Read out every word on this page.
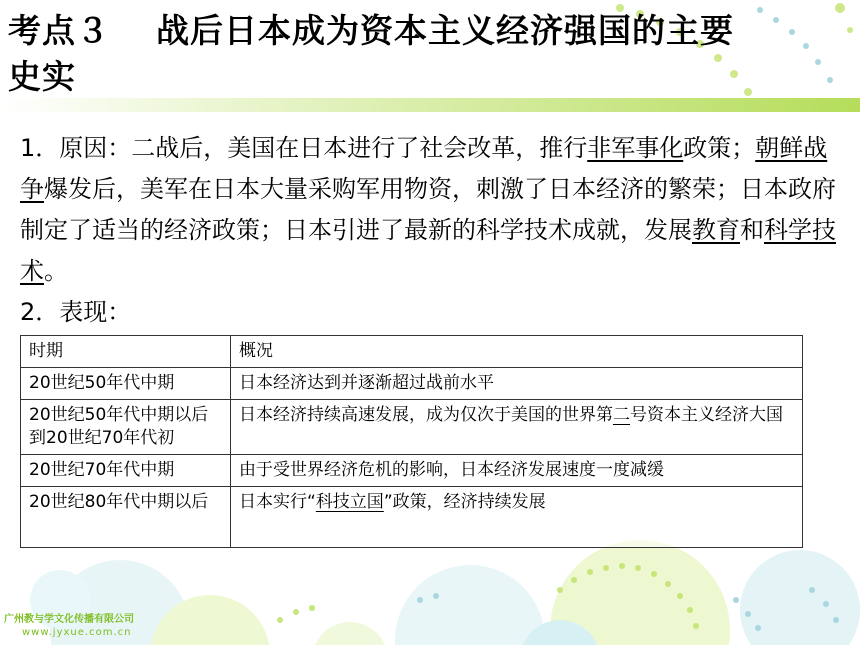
考点３ 战后日本成为资本主义经济强国的主要
史实

1．原因：二战后，美国在日本进行了社会改革，推行非军事化政策；朝鲜战争爆发后，美军在日本大量采购军用物资，刺激了日本经济的繁荣；日本政府制定了适当的经济政策；日本引进了最新的科学技术成就，发展教育和科学技术。

2．表现：

时期	概况
20世纪50年代中期	日本经济达到并逐渐超过战前水平
20世纪50年代中期以后到20世纪70年代初	日本经济持续高速发展，成为仅次于美国的世界第二号资本主义经济大国
20世纪70年代中期	由于受世界经济危机的影响，日本经济发展速度一度减缓
20世纪80年代中期以后	日本实行“科技立国”政策，经济持续发展
广州教与学文化传播有限公司
www.jyxue.com.cn
